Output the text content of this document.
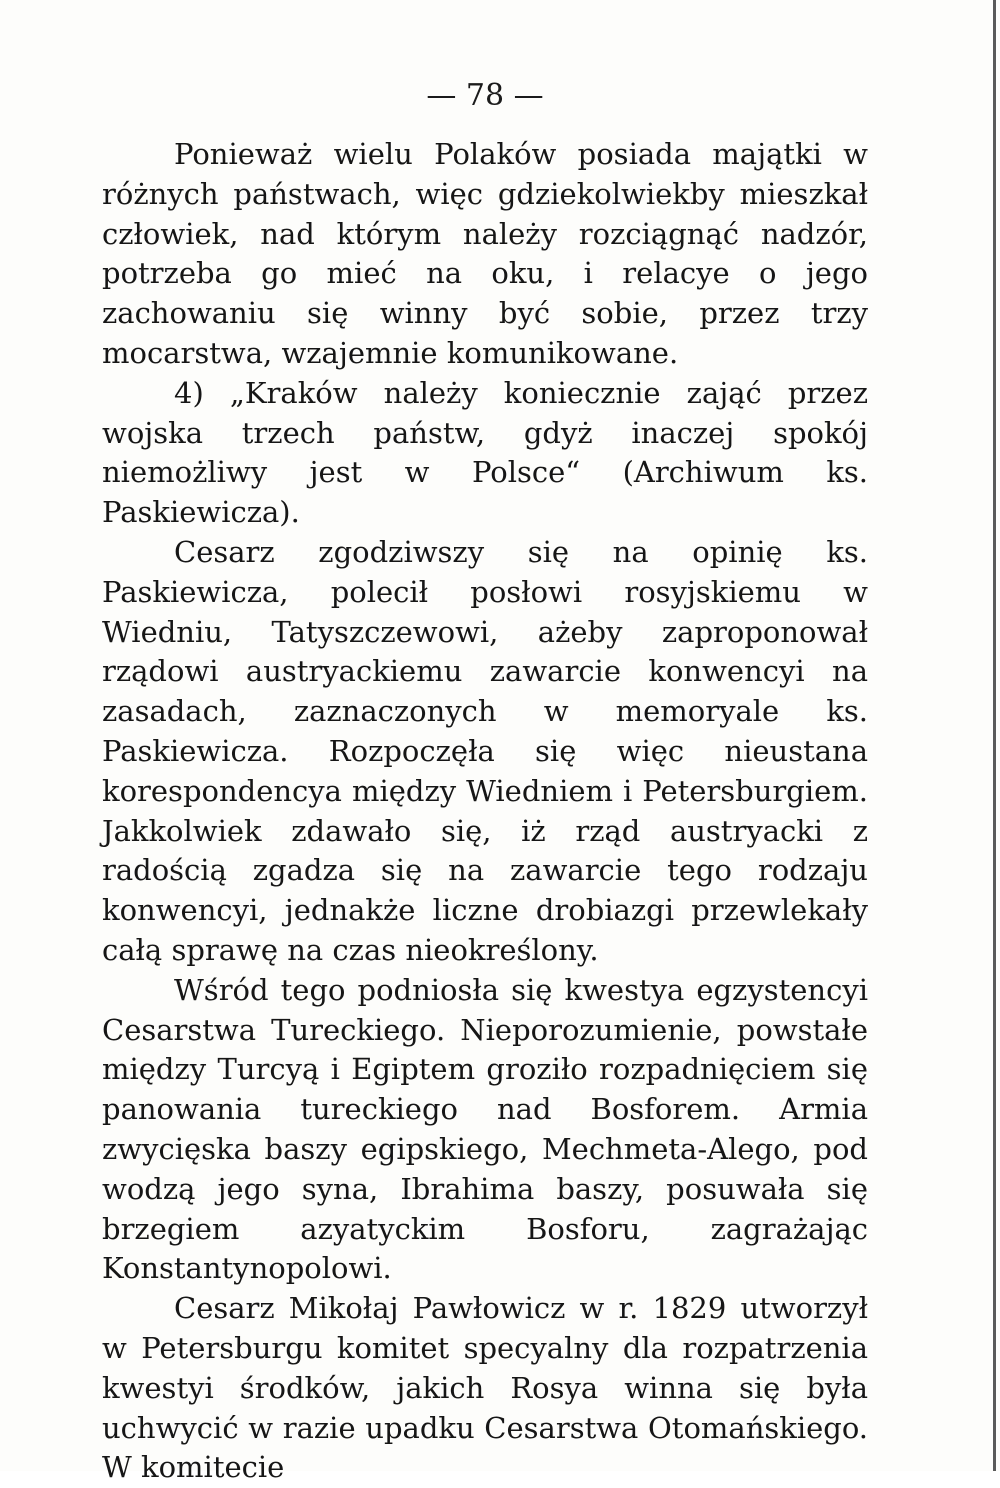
— 78 —

Ponieważ wielu Polaków posiada majątki w różnych państwach, więc gdziekolwiekby mieszkał człowiek, nad którym należy rozciągnąć nadzór, potrzeba go mieć na oku, i relacye o jego zachowaniu się winny być sobie, przez trzy mocarstwa, wzajemnie komunikowane.

4) „Kraków należy koniecznie zająć przez wojska trzech państw, gdyż inaczej spokój niemożliwy jest w Polsce“ (Archiwum ks. Paskiewicza).

Cesarz zgodziwszy się na opinię ks. Paskiewicza, polecił posłowi rosyjskiemu w Wiedniu, Tatyszczewowi, ażeby zaproponował rządowi austryackiemu zawarcie konwencyi na zasadach, zaznaczonych w memoryale ks. Paskiewicza. Rozpoczęła się więc nieustana korespondencya między Wiedniem i Petersburgiem. Jakkolwiek zdawało się, iż rząd austryacki z radością zgadza się na zawarcie tego rodzaju konwencyi, jednakże liczne drobiazgi przewlekały całą sprawę na czas nieokreślony.

Wśród tego podniosła się kwestya egzystencyi Cesarstwa Tureckiego. Nieporozumienie, powstałe między Turcyą i Egiptem groziło rozpadnięciem się panowania tureckiego nad Bosforem. Armia zwycięska baszy egipskiego, Mechmeta-Alego, pod wodzą jego syna, Ibrahima baszy, posuwała się brzegiem azyatyckim Bosforu, zagrażając Konstantynopolowi.

Cesarz Mikołaj Pawłowicz w r. 1829 utworzył w Petersburgu komitet specyalny dla rozpatrzenia kwestyi środków, jakich Rosya winna się była uchwycić w razie upadku Cesarstwa Otomańskiego. W komitecie
